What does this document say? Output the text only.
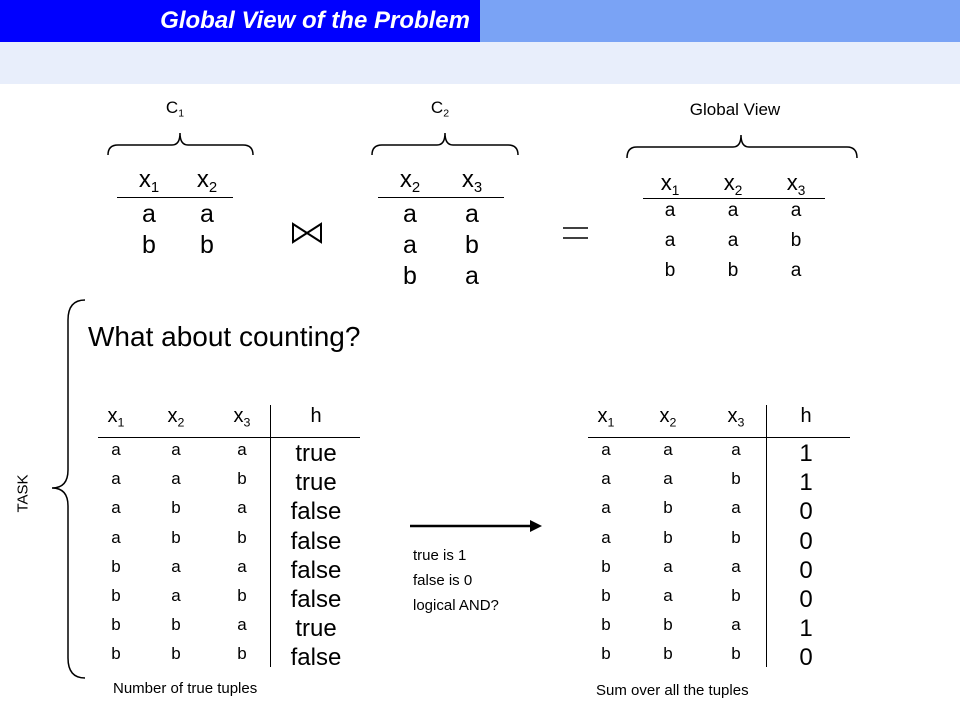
Global View of the Problem
$C_1$	$C_2$	Global View
$x_1$	$x_2$
a	a
b	b
$x_2$	$x_3$
a	a
a	b
b	a
$x_1$	$x_2$	$x_3$
a	a	a
a	a	b
b	b	a
What about counting?
TASK
$x_1$	$x_2$	$x_3$	h
a	a	a	true
a	a	b	true
a	b	a	false
a	b	b	false
b	a	a	false
b	a	b	false
b	b	a	true
b	b	b	false
Number of true tuples
true is 1
false is 0
logical AND?
$x_1$	$x_2$	$x_3$	h
a	a	a	1
a	a	b	1
a	b	a	0
a	b	b	0
b	a	a	0
b	a	b	0
b	b	a	1
b	b	b	0
Sum over all the tuples
